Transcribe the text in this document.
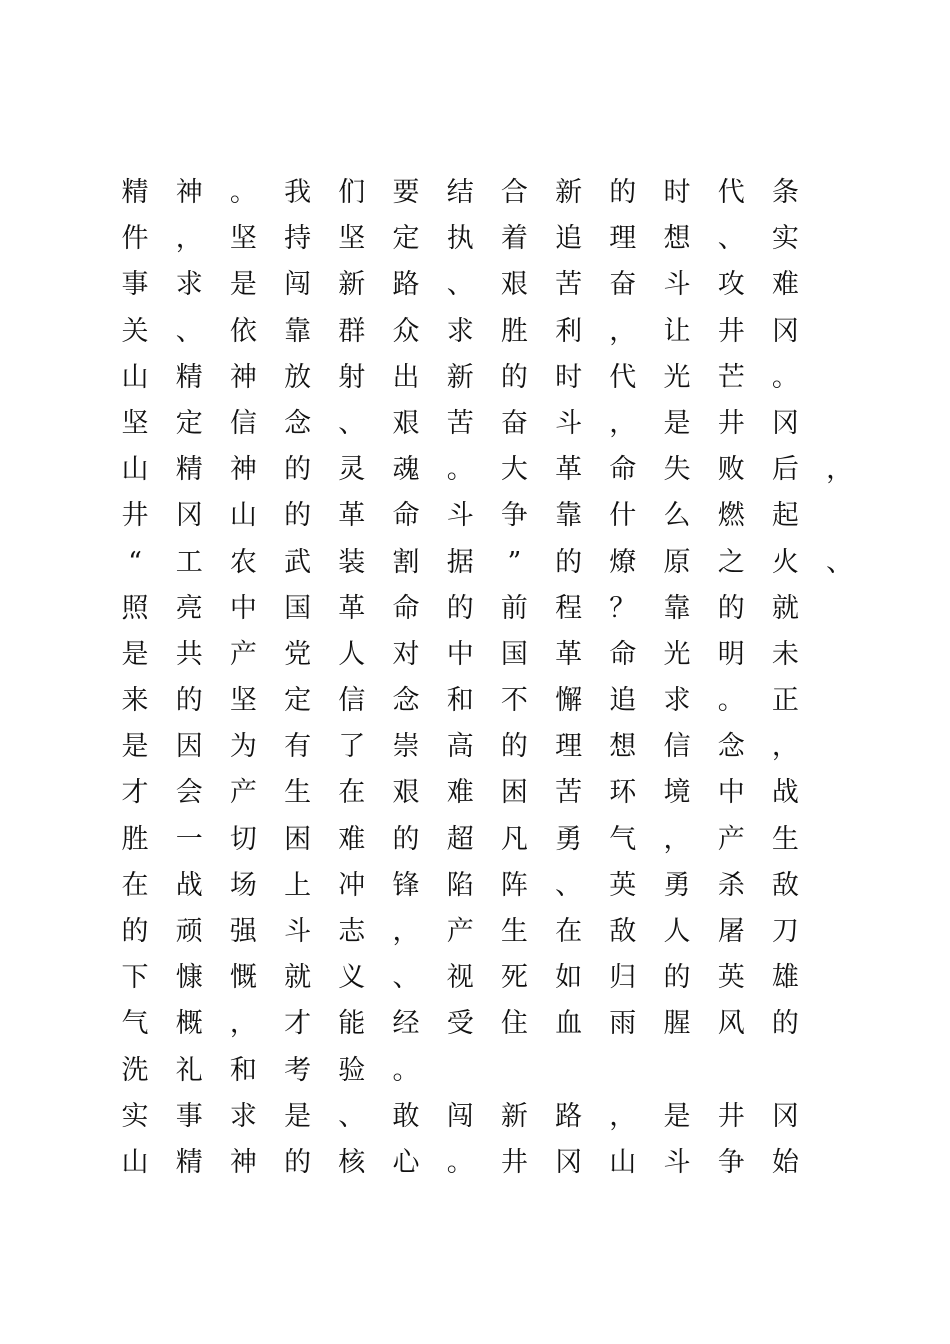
精	神	。	我	们	要	结	合	新	的	时	代	条
件	，	坚	持	坚	定	执	着	追	理	想	、	实
事	求	是	闯	新	路	、	艰	苦	奋	斗	攻	难
关	、	依	靠	群	众	求	胜	利	，	让	井	冈
山	精	神	放	射	出	新	的	时	代	光	芒	。
坚	定	信	念	、	艰	苦	奋	斗	，	是	井	冈
山	精	神	的	灵	魂	。	大	革	命	失	败	后	，
井	冈	山	的	革	命	斗	争	靠	什	么	燃	起
“	工	农	武	装	割	据	”	的	燎	原	之	火	、
照	亮	中	国	革	命	的	前	程	？	靠	的	就
是	共	产	党	人	对	中	国	革	命	光	明	未
来	的	坚	定	信	念	和	不	懈	追	求	。	正
是	因	为	有	了	崇	高	的	理	想	信	念	，
才	会	产	生	在	艰	难	困	苦	环	境	中	战
胜	一	切	困	难	的	超	凡	勇	气	，	产	生
在	战	场	上	冲	锋	陷	阵	、	英	勇	杀	敌
的	顽	强	斗	志	，	产	生	在	敌	人	屠	刀
下	慷	慨	就	义	、	视	死	如	归	的	英	雄
气	概	，	才	能	经	受	住	血	雨	腥	风	的
洗	礼	和	考	验	。
实	事	求	是	、	敢	闯	新	路	，	是	井	冈
山	精	神	的	核	心	。	井	冈	山	斗	争	始
